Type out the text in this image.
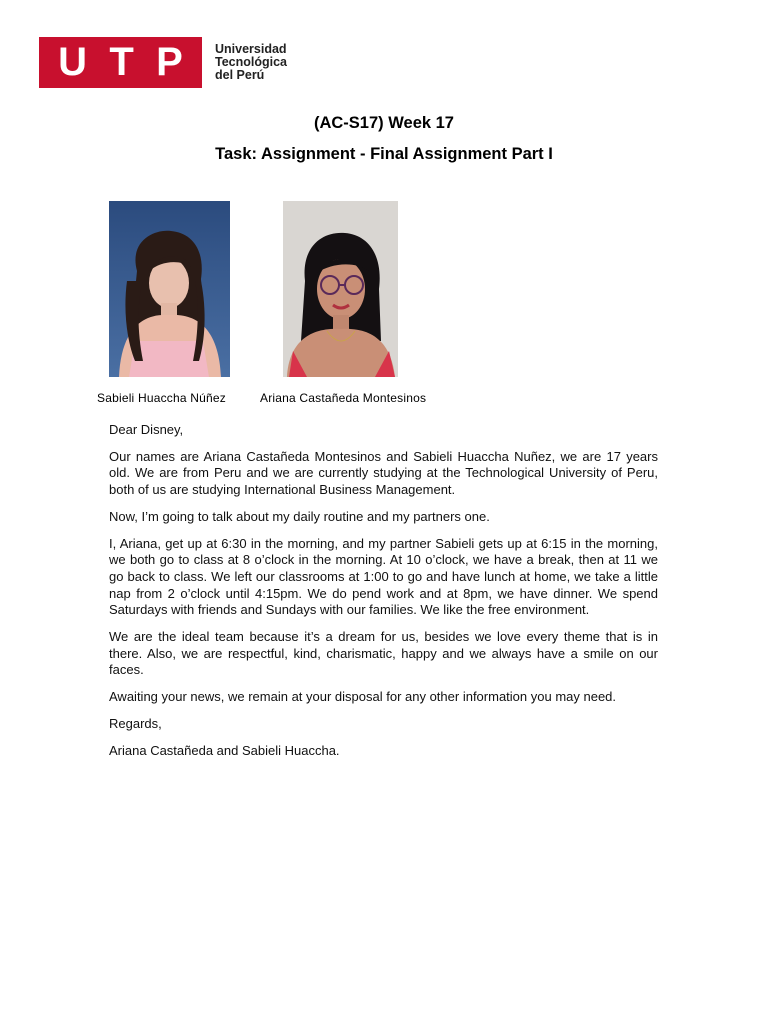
U T P	Universidad
Tecnológica
del Perú
(AC-S17) Week 17
Task: Assignment - Final Assignment Part I
Sabieli Huaccha Núñez	Ariana Castañeda Montesinos

Dear Disney,

Our names are Ariana Castañeda Montesinos and Sabieli Huaccha Nuñez, we are 17 years old. We are from Peru and we are currently studying at the Technological University of Peru, both of us are studying International Business Management.

Now, I’m going to talk about my daily routine and my partners one.

I, Ariana, get up at 6:30 in the morning, and my partner Sabieli gets up at 6:15 in the morning, we both go to class at 8 o’clock in the morning. At 10 o’clock, we have a break, then at 11 we go back to class. We left our classrooms at 1:00 to go and have lunch at home, we take a little nap from 2 o’clock until 4:15pm. We do pend work and at 8pm, we have dinner. We spend Saturdays with friends and Sundays with our families. We like the free environment.

We are the ideal team because it’s a dream for us, besides we love every theme that is in there. Also, we are respectful, kind, charismatic, happy and we always have a smile on our faces.

Awaiting your news, we remain at your disposal for any other information you may need.

Regards,

Ariana Castañeda and Sabieli Huaccha.
